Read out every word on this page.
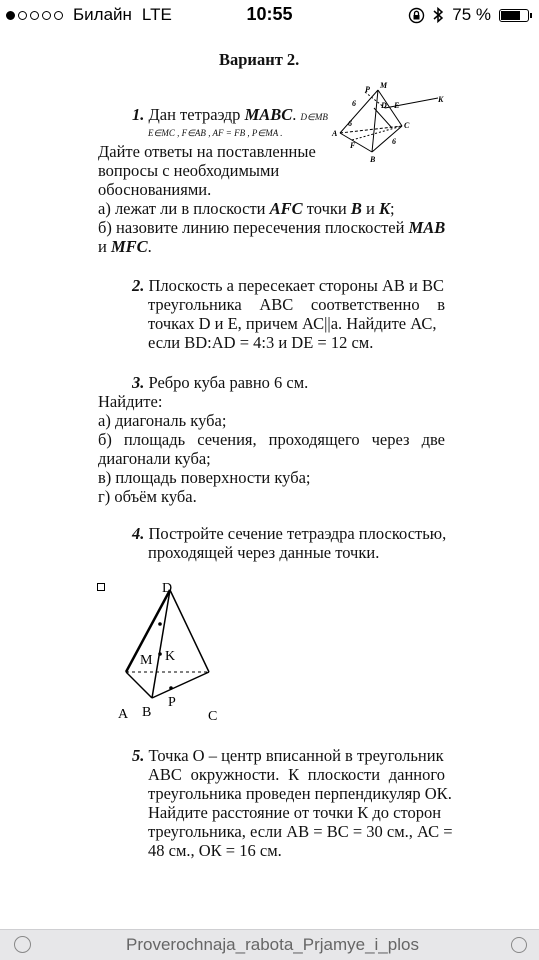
Билайн LTE	10:55	75 %
Вариант 2.
1. Дан тетраэдр MABC. D∈MB
E∈MC , F∈AB , AF = FB , P∈MA .
Дайте ответы на поставленные
вопросы с необходимыми
обоснованиями.
а) лежат ли в плоскости AFC точки B и K;
б) назовите линию пересечения плоскостей MAB
и MFC.
M
P
D E
K
A
F
B
C
6
6
6
2. Плоскость а пересекает стороны АВ и ВС
треугольника АВС соответственно в
точках D и Е, причем АС||а. Найдите АС,
если BD:AD = 4:3 и DE = 12 см.
3. Ребро куба равно 6 см.
Найдите:
а) диагональ куба;
б) площадь сечения, проходящего через две
диагонали куба;
в) площадь поверхности куба;
г) объём куба.
4. Постройте сечение тетраэдра плоскостью,
проходящей через данные точки.
D
M K
A B
P
C
5. Точка О – центр вписанной в треугольник
АВС окружности. К плоскости данного
треугольника проведен перпендикуляр ОК.
Найдите расстояние от точки К до сторон
треугольника, если АВ = ВС = 30 см., АС =
48 см., ОК = 16 см.
Proverochnaja_rabota_Prjamye_i_plos
